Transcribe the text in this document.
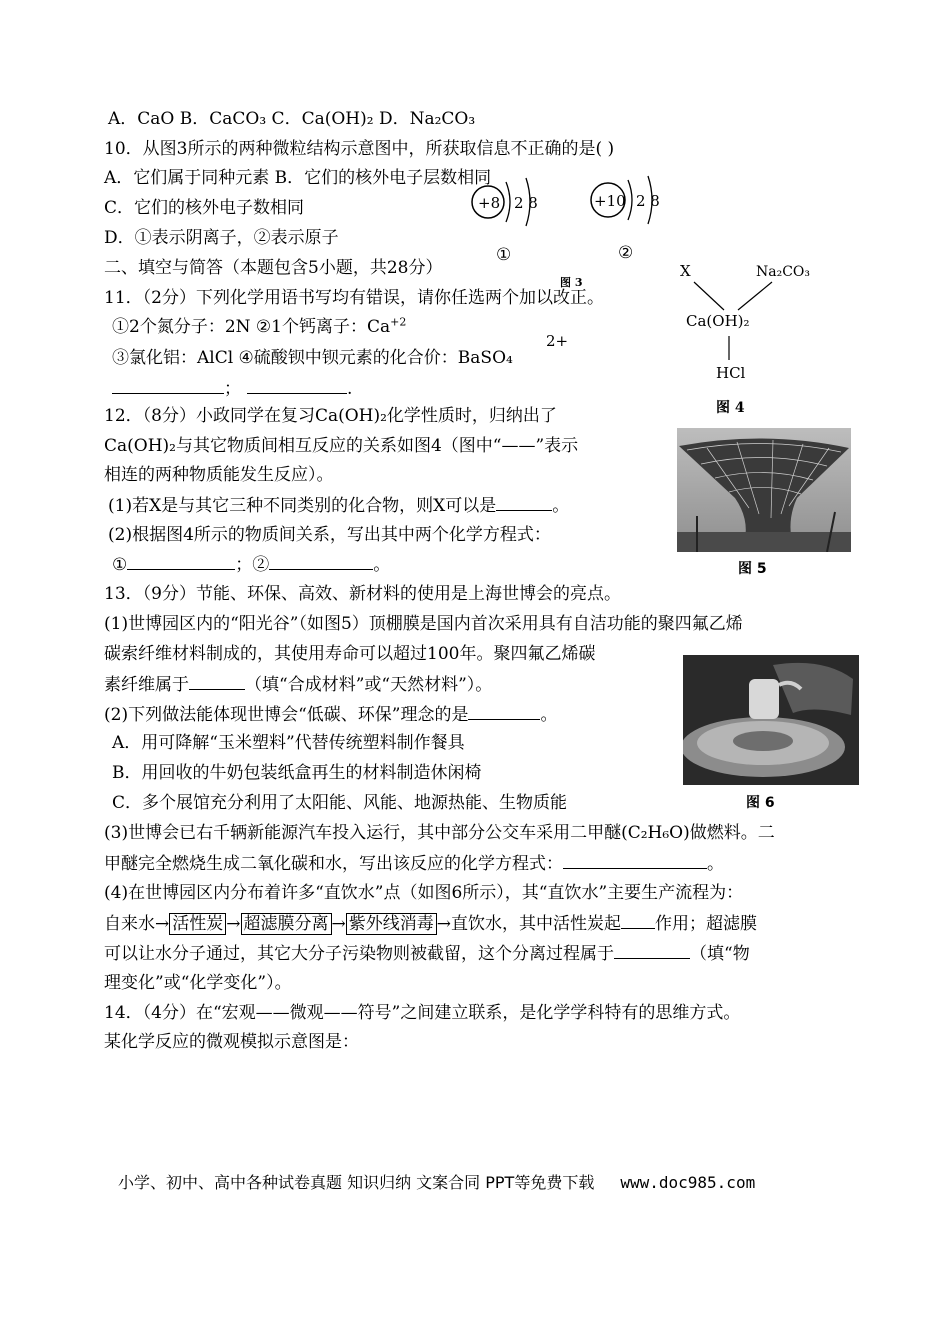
A．CaO B．CaCO₃ C．Ca(OH)₂ D．Na₂CO₃
10．从图3所示的两种微粒结构示意图中，所获取信息不正确的是( )
A．它们属于同种元素 B．它们的核外电子层数相同
C．它们的核外电子数相同
D．①表示阴离子，②表示原子
+8 2 8
①
+10 2 8
②
图 3
二、填空与简答（本题包含5小题，共28分）
11．（2分）下列化学用语书写均有错误，请你任选两个加以改正。
①2个氮分子：2N ②1个钙离子：$Ca^{+2}$
2+
③氯化铝：AlCl ④硫酸钡中钡元素的化合价：BaSO₄
；	.
X	Na₂CO₃
Ca(OH)₂
HCl
图 4
12．（8分）小政同学在复习Ca(OH)₂化学性质时，归纳出了
Ca(OH)₂与其它物质间相互反应的关系如图4（图中“——”表示
相连的两种物质能发生反应）。
(1)若X是与其它三种不同类别的化合物，则X可以是	。
(2)根据图4所示的物质间关系，写出其中两个化学方程式：
①	；②	。	图 5
13．（9分）节能、环保、高效、新材料的使用是上海世博会的亮点。
(1)世博园区内的“阳光谷”（如图5）顶棚膜是国内首次采用具有自洁功能的聚四氟乙烯
碳索纤维材料制成的，其使用寿命可以超过100年。聚四氟乙烯碳
素纤维属于	（填“合成材料”或“天然材料”）。
(2)下列做法能体现世博会“低碳、环保”理念的是	。
A．用可降解“玉米塑料”代替传统塑料制作餐具
B．用回收的牛奶包装纸盒再生的材料制造休闲椅
C．多个展馆充分利用了太阳能、风能、地源热能、生物质能	图 6
(3)世博会已右千辆新能源汽车投入运行，其中部分公交车采用二甲醚(C₂H₆O)做燃料。二
甲醚完全燃烧生成二氧化碳和水，写出该反应的化学方程式：	。
(4)在世博园区内分布着许多“直饮水”点（如图6所示），其“直饮水”主要生产流程为：
自来水→ 活性炭 → 超滤膜分离 → 紫外线消毒 →直饮水，其中活性炭起 作用；超滤膜
可以让水分子通过，其它大分子污染物则被截留，这个分离过程属于	（填“物
理变化”或“化学变化”）。
14．（4分）在“宏观——微观——符号”之间建立联系，是化学学科特有的思维方式。
某化学反应的微观模拟示意图是：
小学、初中、高中各种试卷真题 知识归纳 文案合同 PPT等免费下载 www.doc985.com
